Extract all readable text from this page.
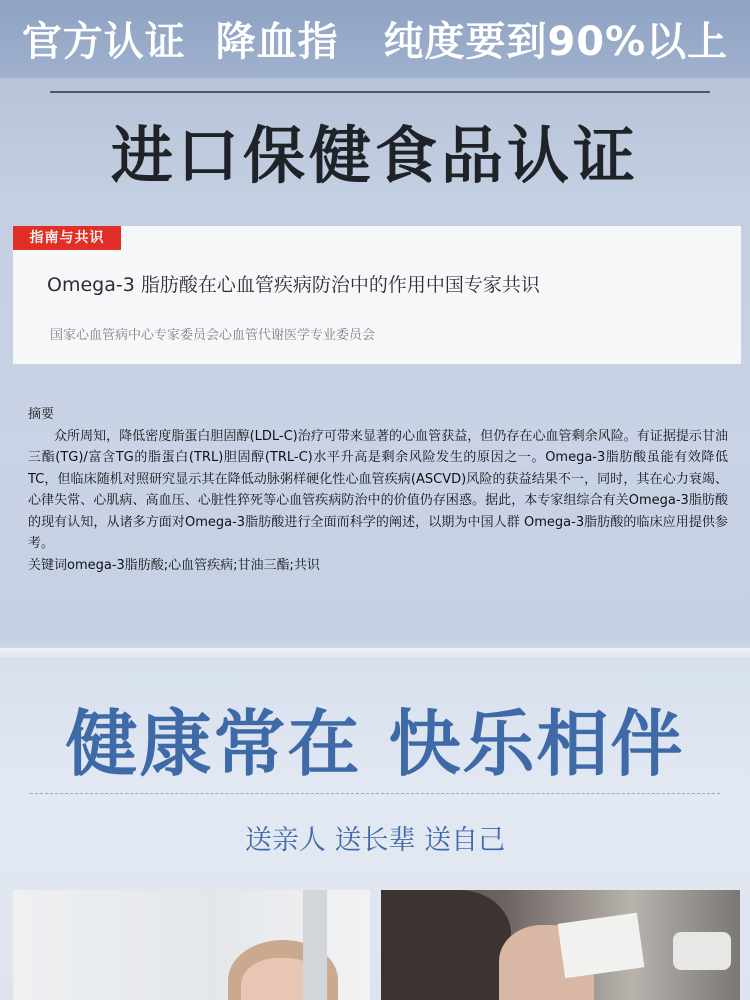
官方认证  降血指   纯度要到90%以上
进口保健食品认证
指南与共识
Omega-3 脂肪酸在心血管疾病防治中的作用中国专家共识
国家心血管病中心专家委员会心血管代谢医学专业委员会
摘要
众所周知，降低密度脂蛋白胆固醇(LDL-C)治疗可带来显著的心血管获益，但仍存在心血管剩余风险。有证据提示甘油三酯(TG)/富含TG的脂蛋白(TRL)胆固醇(TRL-C)水平升高是剩余风险发生的原因之一。Omega-3脂肪酸虽能有效降低TC，但临床随机对照研究显示其在降低动脉粥样硬化性心血管疾病(ASCVD)风险的获益结果不一，同时，其在心力衰竭、心律失常、心肌病、高血压、心脏性猝死等心血管疾病防治中的价值仍存困惑。据此，本专家组综合有关Omega-3脂肪酸的现有认知，从诸多方面对Omega-3脂肪酸进行全面而科学的阐述，以期为中国人群 Omega-3脂肪酸的临床应用提供参考。
关键词omega-3脂肪酸;心血管疾病;甘油三酯;共识
健康常在 快乐相伴
送亲人 送长辈 送自己
